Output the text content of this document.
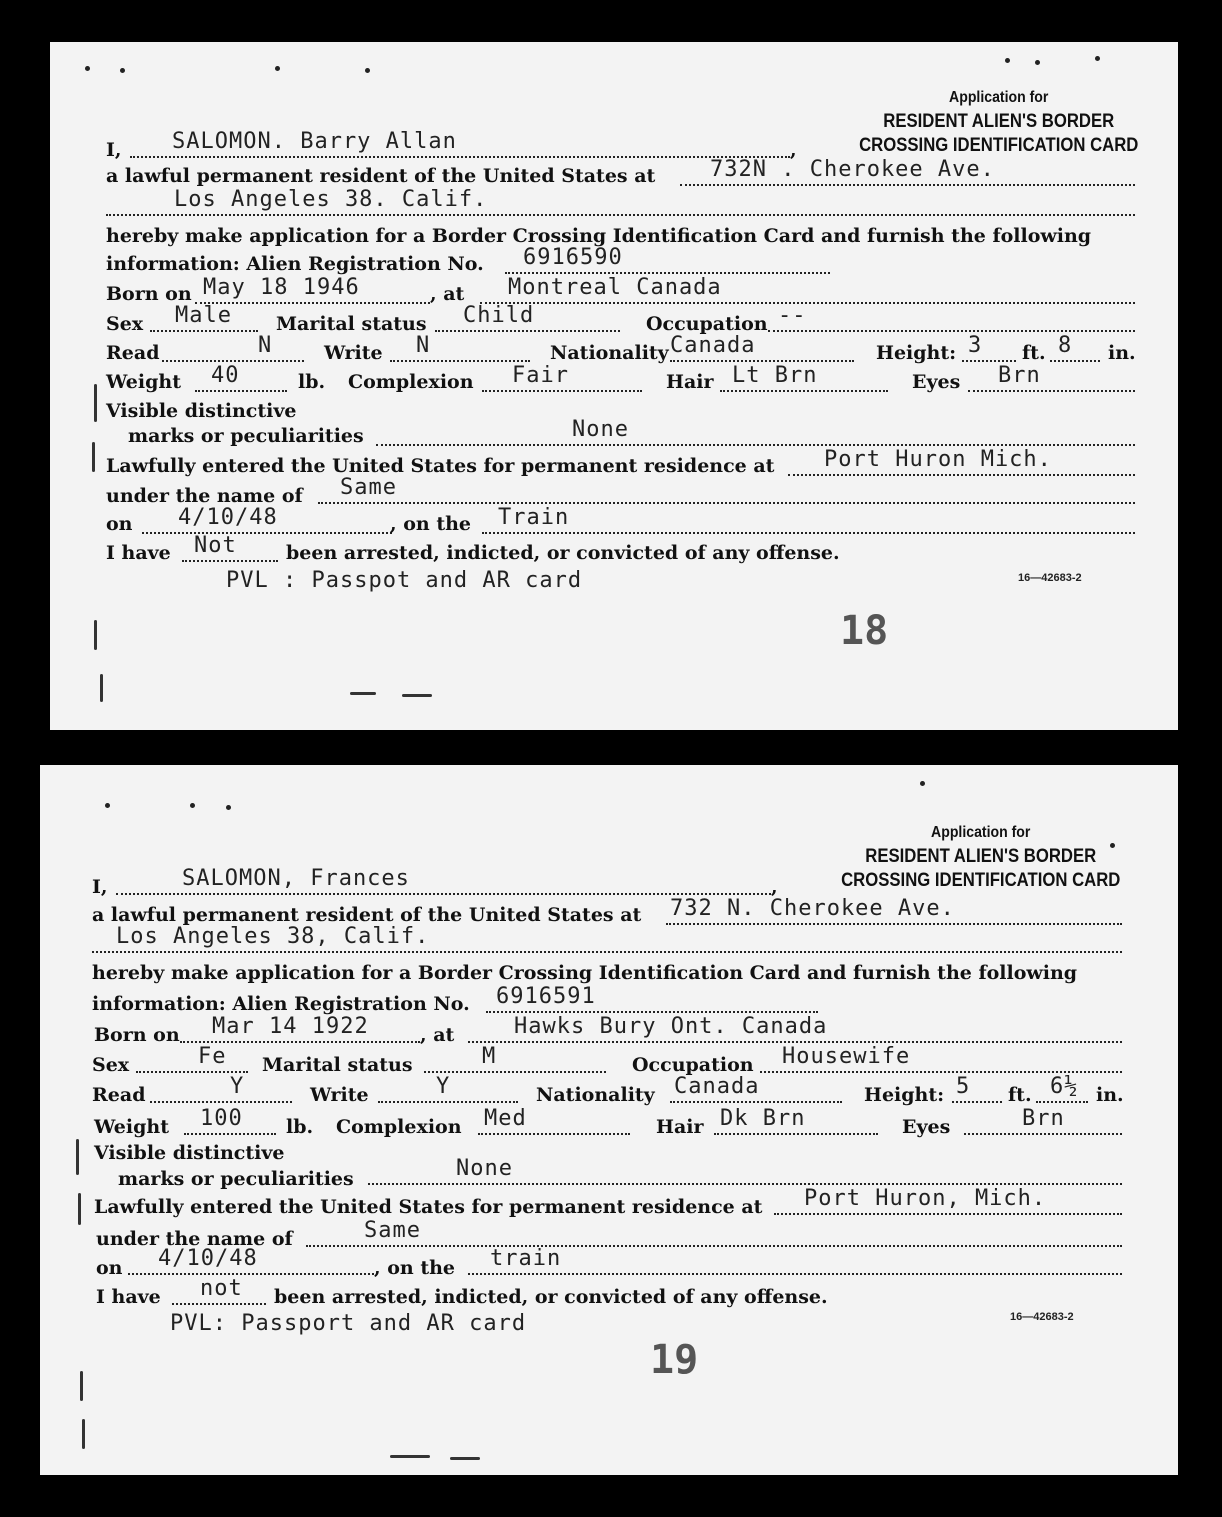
Application for
RESIDENT ALIEN'S BORDER
CROSSING IDENTIFICATION CARD
I, SALOMON. Barry Allan	,
a lawful permanent resident of the United States at 732N . Cherokee Ave.
Los Angeles 38. Calif.
hereby make application for a Border Crossing Identification Card and furnish the following
information: Alien Registration No. 6916590
Born on May 18 1946	, at Montreal Canada
Sex Male Marital status Child	Occupation --
Read	N	Write N	Nationality Canada	Height: 3 ft. 8 in.
Weight 40	lb. Complexion Fair	Hair Lt Brn	Eyes Brn
Visible distinctive
marks or peculiarities	None
Lawfully entered the United States for permanent residence at Port Huron Mich.
under the name of Same
on 4/10/48	, on the Train
I have Not	been arrested, indicted, or convicted of any offense.
PVL : Passpot and AR card	16—42683-2
18
Application for
RESIDENT ALIEN'S BORDER
CROSSING IDENTIFICATION CARD
I,	SALOMON, Frances	,
a lawful permanent resident of the United States at 732 N. Cherokee Ave.
Los Angeles 38, Calif.
hereby make application for a Border Crossing Identification Card and furnish the following
information: Alien Registration No. 6916591
Born on Mar 14 1922	, at	Hawks Bury Ont. Canada
Sex	Fe Marital status	M	Occupation Housewife
Read	Y	Write	Y	Nationality Canada	Height: 5 ft. 6½ in.
Weight 100 lb. Complexion Med	Hair Dk Brn	Eyes	Brn
Visible distinctive
marks or peculiarities	None
Lawfully entered the United States for permanent residence at Port Huron, Mich.
under the name of	Same
on 4/10/48	, on the train
I have not been arrested, indicted, or convicted of any offense.
PVL: Passport and AR card	16—42683-2
19
